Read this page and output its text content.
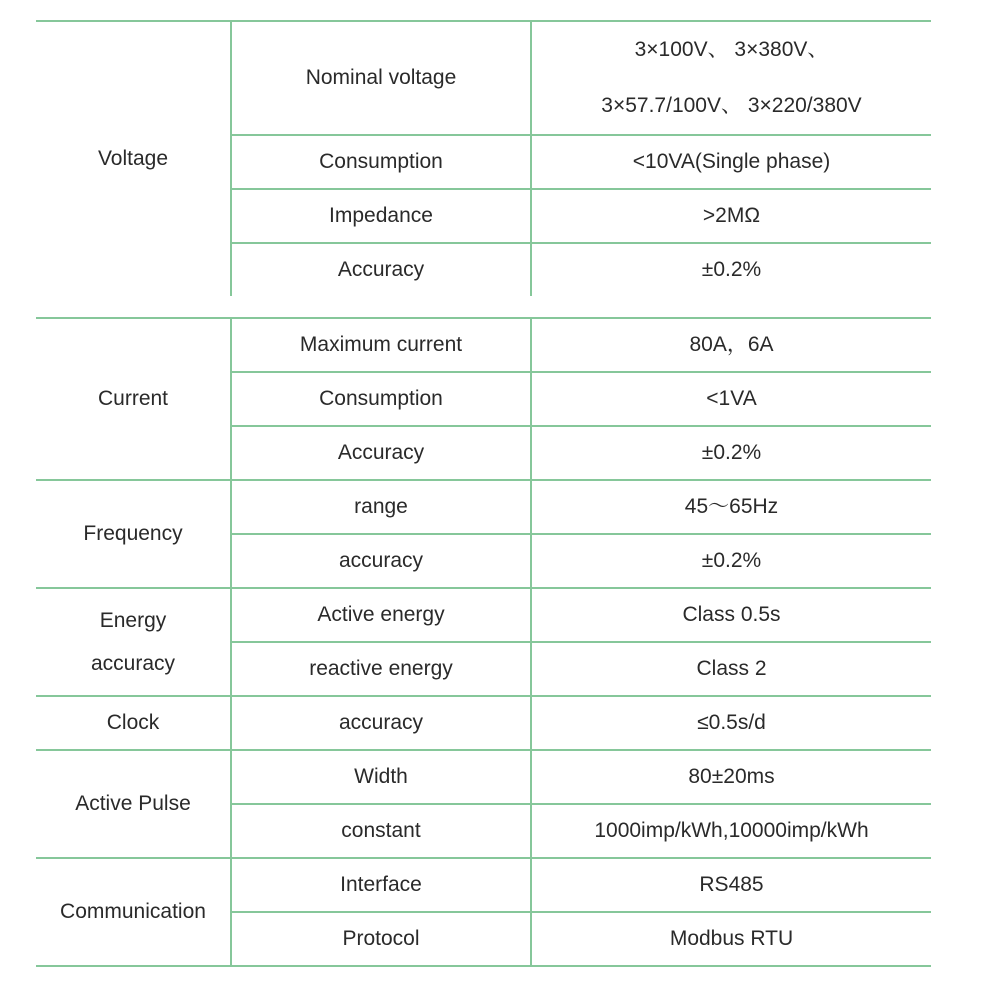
Voltage	Nominal voltage	3×100V、 3×380V、
3×57.7/100V、 3×220/380V

	Consumption	<10VA(Single phase)
	Impedance	>2MΩ
	Accuracy	±0.2%
Current	Maximum current	80A，6A
	Consumption	<1VA
	Accuracy	±0.2%
Frequency	range	45～65Hz
	accuracy	±0.2%

Energy
accuracy	Active energy	Class 0.5s
	reactive energy	Class 2
Clock	accuracy	≤0.5s/d
Active Pulse	Width	80±20ms
	constant	1000imp/kWh,10000imp/kWh
Communication	Interface	RS485
	Protocol	Modbus RTU
